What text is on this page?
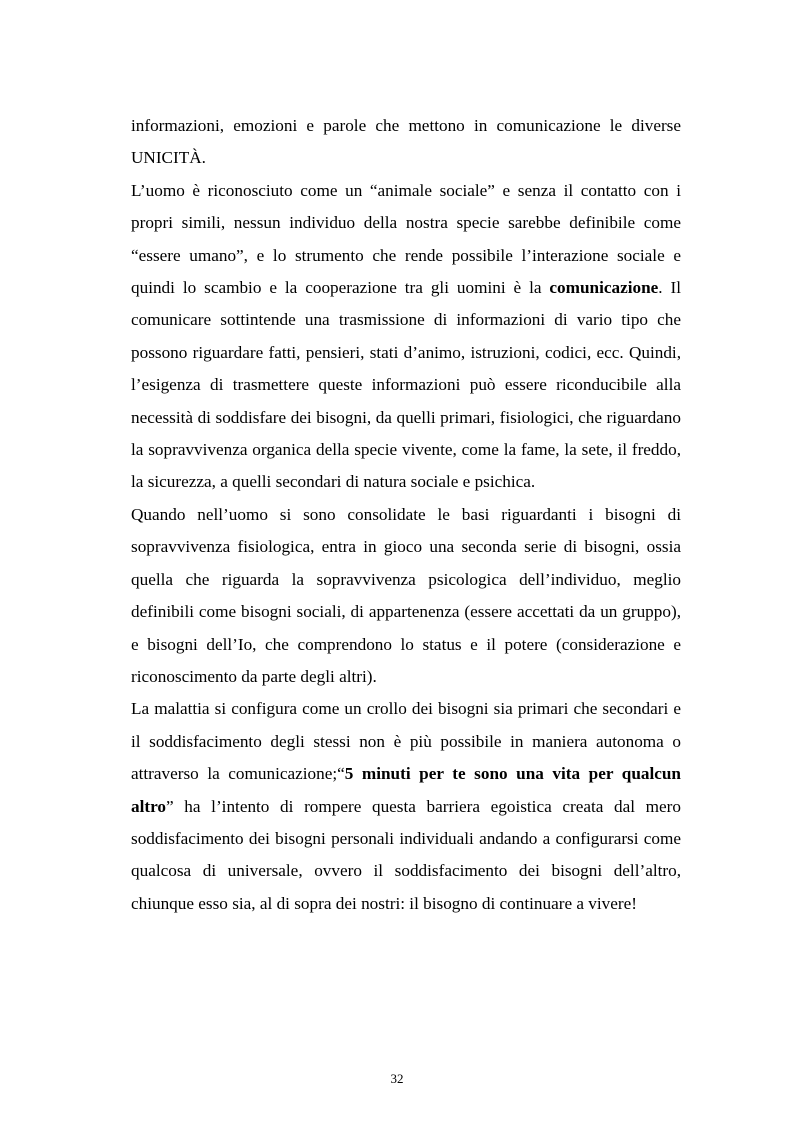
informazioni, emozioni e parole che mettono in comunicazione le diverse UNICITÀ.

L’uomo è riconosciuto come un “animale sociale” e senza il contatto con i propri simili, nessun individuo della nostra specie sarebbe definibile come “essere umano”, e lo strumento che rende possibile l’interazione sociale e quindi lo scambio e la cooperazione tra gli uomini è la comunicazione. Il comunicare sottintende una trasmissione di informazioni di vario tipo che possono riguardare fatti, pensieri, stati d’animo, istruzioni, codici, ecc. Quindi, l’esigenza di trasmettere queste informazioni può essere riconducibile alla necessità di soddisfare dei bisogni, da quelli primari, fisiologici, che riguardano la sopravvivenza organica della specie vivente, come la fame, la sete, il freddo, la sicurezza, a quelli secondari di natura sociale e psichica.

Quando nell’uomo si sono consolidate le basi riguardanti i bisogni di sopravvivenza fisiologica, entra in gioco una seconda serie di bisogni, ossia quella che riguarda la sopravvivenza psicologica dell’individuo, meglio definibili come bisogni sociali, di appartenenza (essere accettati da un gruppo), e bisogni dell’Io, che comprendono lo status e il potere (considerazione e riconoscimento da parte degli altri).

La malattia si configura come un crollo dei bisogni sia primari che secondari e il soddisfacimento degli stessi non è più possibile in maniera autonoma o attraverso la comunicazione;“5 minuti per te sono una vita per qualcun altro” ha l’intento di rompere questa barriera egoistica creata dal mero soddisfacimento dei bisogni personali individuali andando a configurarsi come qualcosa di universale, ovvero il soddisfacimento dei bisogni dell’altro, chiunque esso sia, al di sopra dei nostri: il bisogno di continuare a vivere!

32
